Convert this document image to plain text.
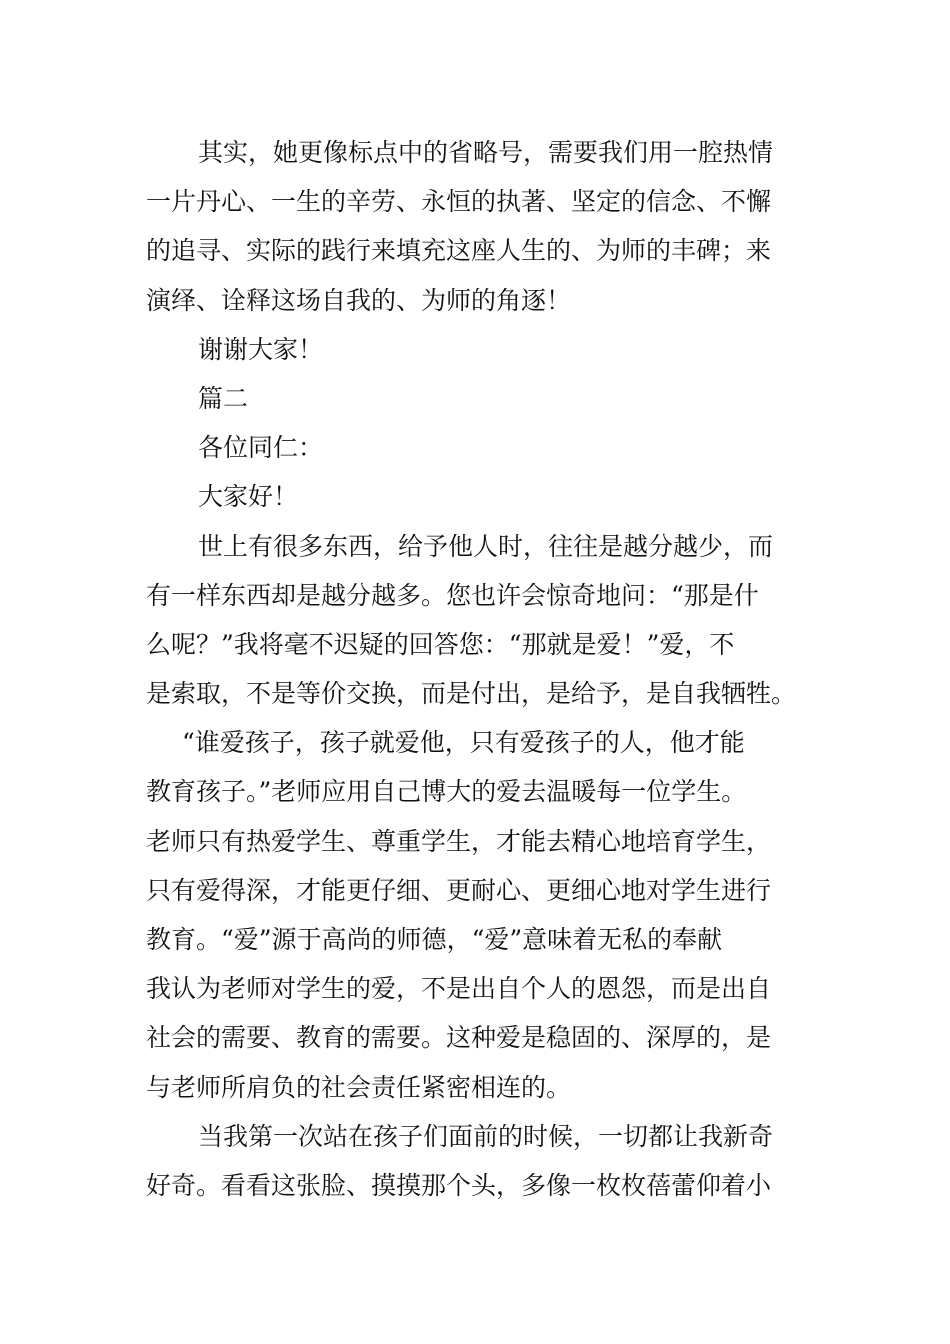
其实，她更像标点中的省略号，需要我们用一腔热情
一片丹心、一生的辛劳、永恒的执著、坚定的信念、不懈
的追寻、实际的践行来填充这座人生的、为师的丰碑；来
演绎、诠释这场自我的、为师的角逐！
谢谢大家！
篇二
各位同仁：
大家好！
世上有很多东西，给予他人时，往往是越分越少，而
有一样东西却是越分越多。您也许会惊奇地问：“那是什
么呢？”我将毫不迟疑的回答您：“那就是爱！”爱，不
是索取，不是等价交换，而是付出，是给予，是自我牺牲。
“谁爱孩子，孩子就爱他，只有爱孩子的人，他才能
教育孩子。”老师应用自己博大的爱去温暖每一位学生。
老师只有热爱学生、尊重学生，才能去精心地培育学生，
只有爱得深，才能更仔细、更耐心、更细心地对学生进行
教育。“爱”源于高尚的师德，“爱”意味着无私的奉献
我认为老师对学生的爱，不是出自个人的恩怨，而是出自
社会的需要、教育的需要。这种爱是稳固的、深厚的，是
与老师所肩负的社会责任紧密相连的。
当我第一次站在孩子们面前的时候，一切都让我新奇
好奇。看看这张脸、摸摸那个头，多像一枚枚蓓蕾仰着小
